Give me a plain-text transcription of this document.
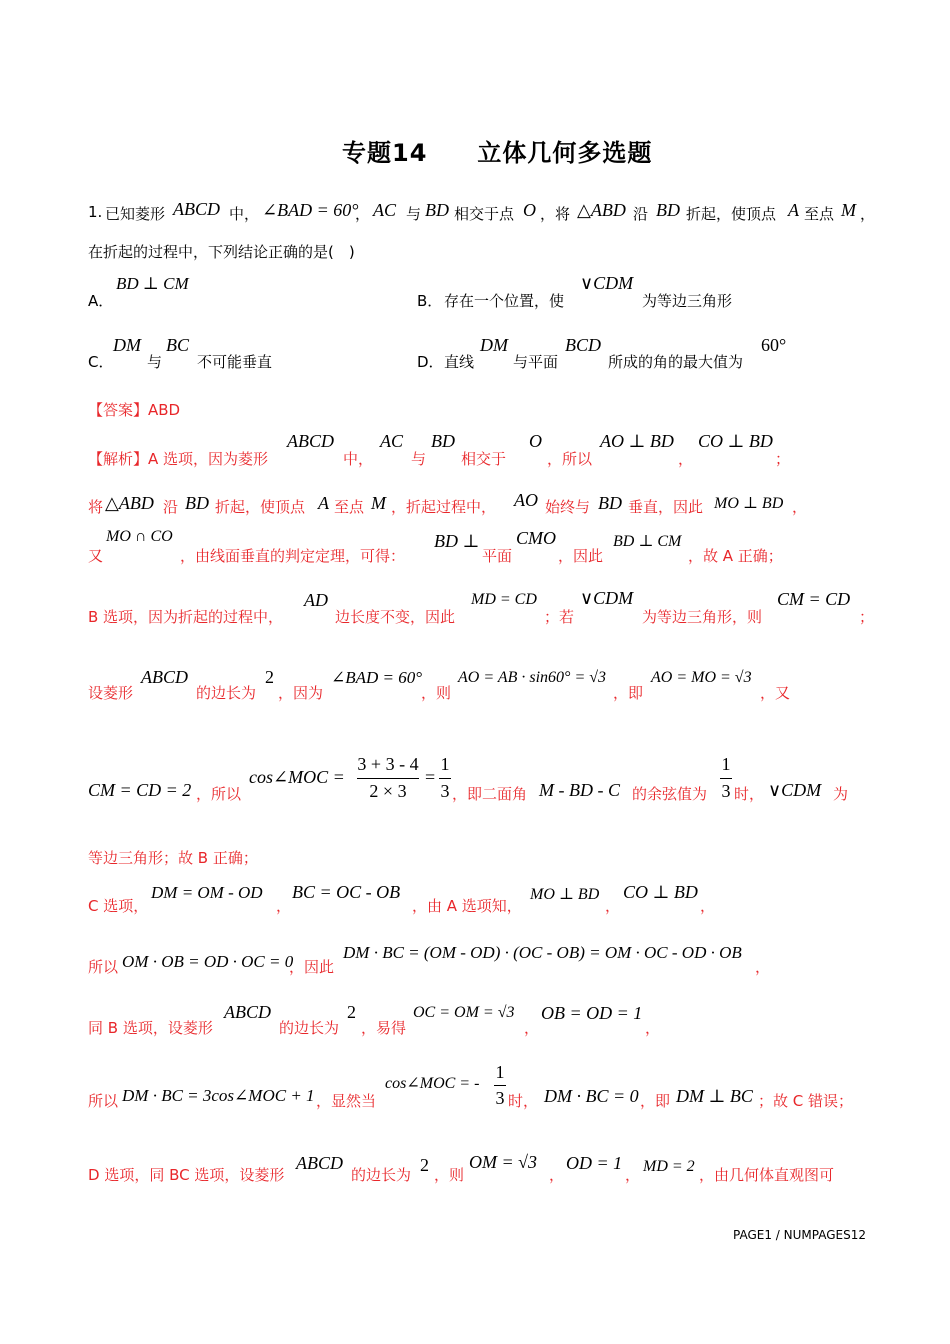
专题14　　立体几何多选题
1. 已知菱形 ABCD 中， ∠BAD = 60°
， AC 与 BD 相交于点 O ，将 △ABD 沿 BD 折起，使顶点 A 至点 M ，
在折起的过程中，下列结论正确的是(　)
A．
BD ⊥ CM
B． 存在一个位置，使
∨CDM
为等边三角形
C．
DM
与
BC
不可能垂直	D． 直线
DM
与平面
BCD
所成的角的最大值为
60°
【答案】ABD
【解析】A 选项，因为菱形
ABCD
中，
AC
与
BD
相交于
O
，所以
AO ⊥ BD
，
CO ⊥ BD
；
将 △ABD 沿 BD 折起，使顶点 A 至点 M ，折起过程中， AO 始终与 BD 垂直，因此 MO ⊥ BD ，
又
MO ∩ CO
，由线面垂直的判定定理，可得：
BD ⊥
平面
CMO
，因此
BD ⊥ CM
，故 A 正确；
B 选项，因为折起的过程中，
AD
边长度不变，因此
MD = CD
；若
∨CDM
为等边三角形，则
CM = CD
；
设菱形
ABCD
的边长为
2
，因为
∠BAD = 60°
，则
AO = AB · sin60° = √3
，即
AO = MO = √3
，又
CM = CD = 2 ，所以
cos∠MOC =
3 + 3 - 4
2 × 3
=
1
3 ，即二面角 M - BD - C 的余弦值为
1
3 时， ∨CDM 为
等边三角形；故 B 正确；
C 选项，
DM = OM - OD
，
BC = OC - OB
，由 A 选项知，
MO ⊥ BD
，
CO ⊥ BD
，
所以 OM · OB = OD · OC = 0
，因此
DM · BC = (OM - OD) · (OC - OB) = OM · OC - OD · OB
，
同 B 选项，设菱形
ABCD
的边长为
2
，易得
OC = OM = √3
，
OB = OD = 1
，
所以 DM · BC = 3cos∠MOC + 1 ，显然当
cos∠MOC = -
1
3 时， DM · BC = 0 ，即 DM ⊥ BC ；故 C 错误；
D 选项，同 BC 选项，设菱形
ABCD
的边长为 2 ，则
OM = √3
，
OD = 1
， MD = 2 ，由几何体直观图可
PAGE1 / NUMPAGES12
